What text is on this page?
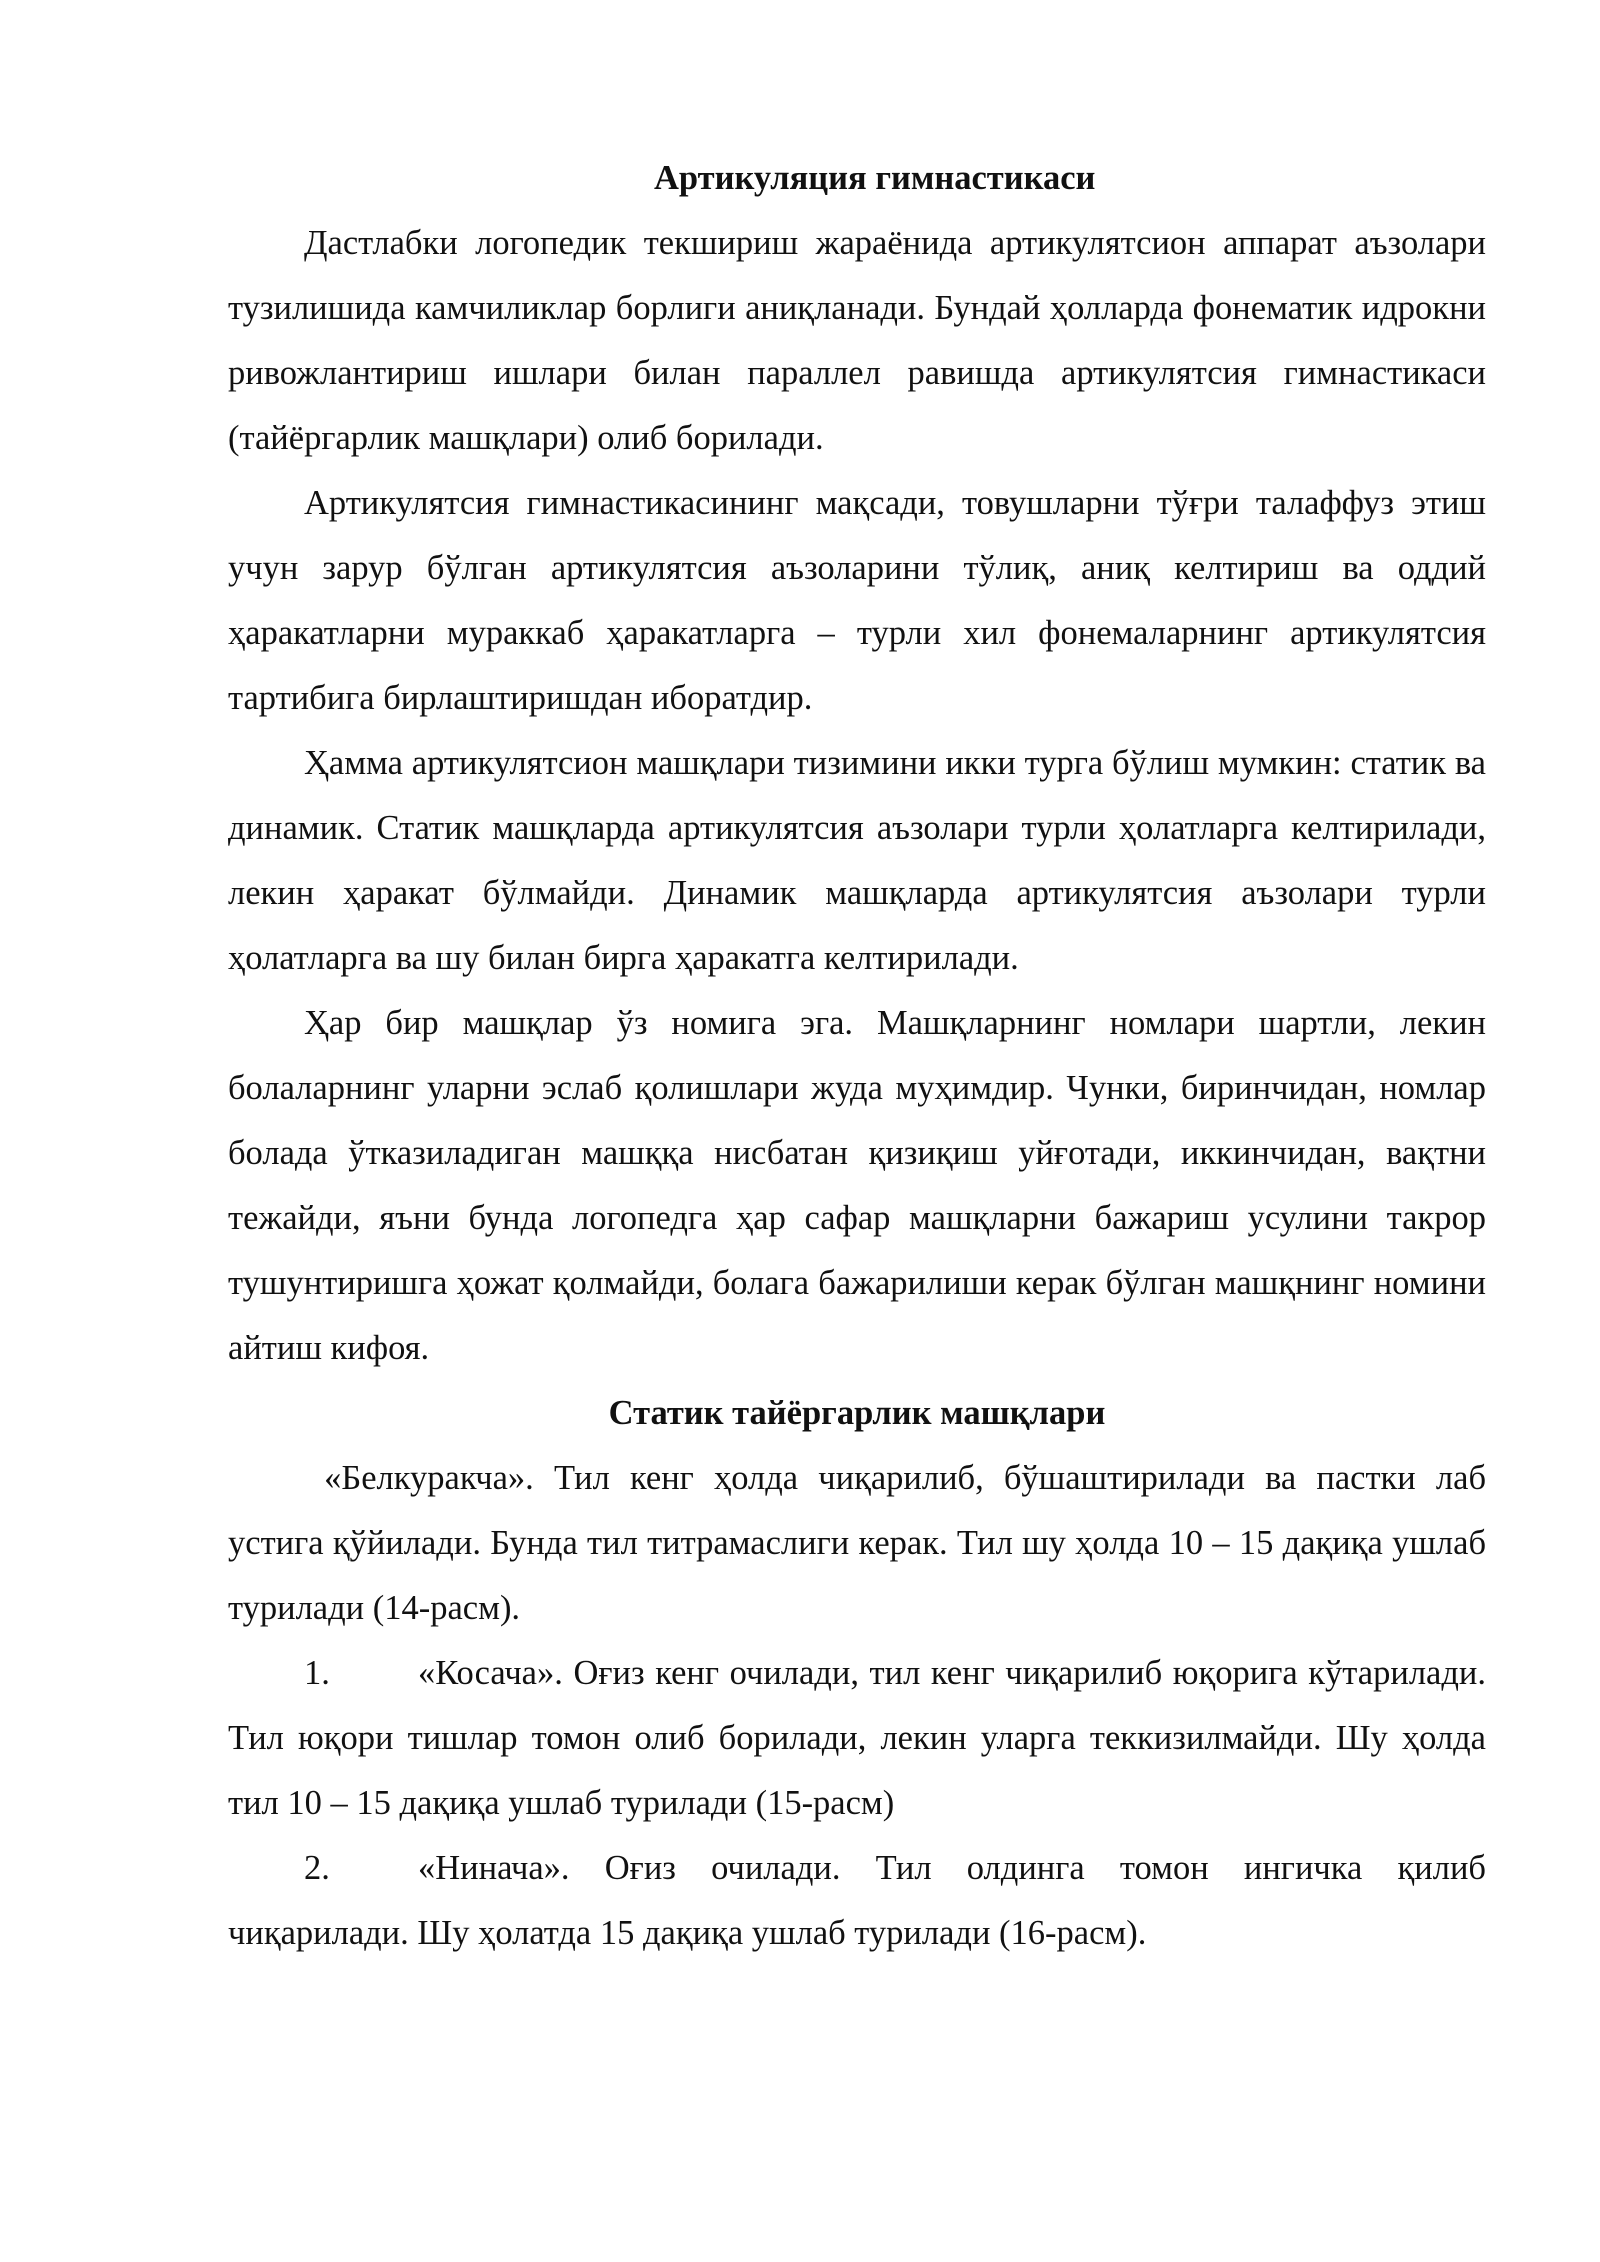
Артикуляция гимнастикаси

Дастлабки логопедик текшириш жараёнида артикулятсион аппарат аъзолари тузилишида камчиликлар борлиги аниқланади. Бундай ҳолларда фонематик идрокни ривожлантириш ишлари билан параллел равишда артикулятсия гимнастикаси (тайёргарлик машқлари) олиб борилади.

Артикулятсия гимнастикасининг мақсади, товушларни тўғри талаффуз этиш учун зарур бўлган артикулятсия аъзоларини тўлиқ, аниқ келтириш ва оддий ҳаракатларни мураккаб ҳаракатларга – турли хил фонемаларнинг артикулятсия тартибига бирлаштиришдан иборатдир.

Ҳамма артикулятсион машқлари тизимини икки турга бўлиш мумкин: статик ва динамик. Статик машқларда артикулятсия аъзолари турли ҳолатларга келтирилади, лекин ҳаракат бўлмайди. Динамик машқларда артикулятсия аъзолари турли ҳолатларга ва шу билан бирга ҳаракатга келтирилади.

Ҳар бир машқлар ўз номига эга. Машқларнинг номлари шартли, лекин болаларнинг уларни эслаб қолишлари жуда муҳимдир. Чунки, биринчидан, номлар болада ўтказиладиган машққа нисбатан қизиқиш уйғотади, иккинчидан, вақтни тежайди, яъни бунда логопедга ҳар сафар машқларни бажариш усулини такрор тушунтиришга ҳожат қолмайди, болага бажарилиши керак бўлган машқнинг номини айтиш кифоя.

Статик тайёргарлик машқлари

«Белкуракча». Тил кенг ҳолда чиқарилиб, бўшаштирилади ва пастки лаб устига қўйилади. Бунда тил титрамаслиги керак. Тил шу ҳолда 10 – 15 дақиқа ушлаб турилади (14-расм).

1.	«Косача». Оғиз кенг очилади, тил кенг чиқарилиб юқорига кўтарилади. Тил юқори тишлар томон олиб борилади, лекин уларга теккизилмайди. Шу ҳолда тил 10 – 15 дақиқа ушлаб турилади (15-расм)

2.	«Нинача». Оғиз очилади. Тил олдинга томон ингичка қилиб чиқарилади. Шу ҳолатда 15 дақиқа ушлаб турилади (16-расм).
